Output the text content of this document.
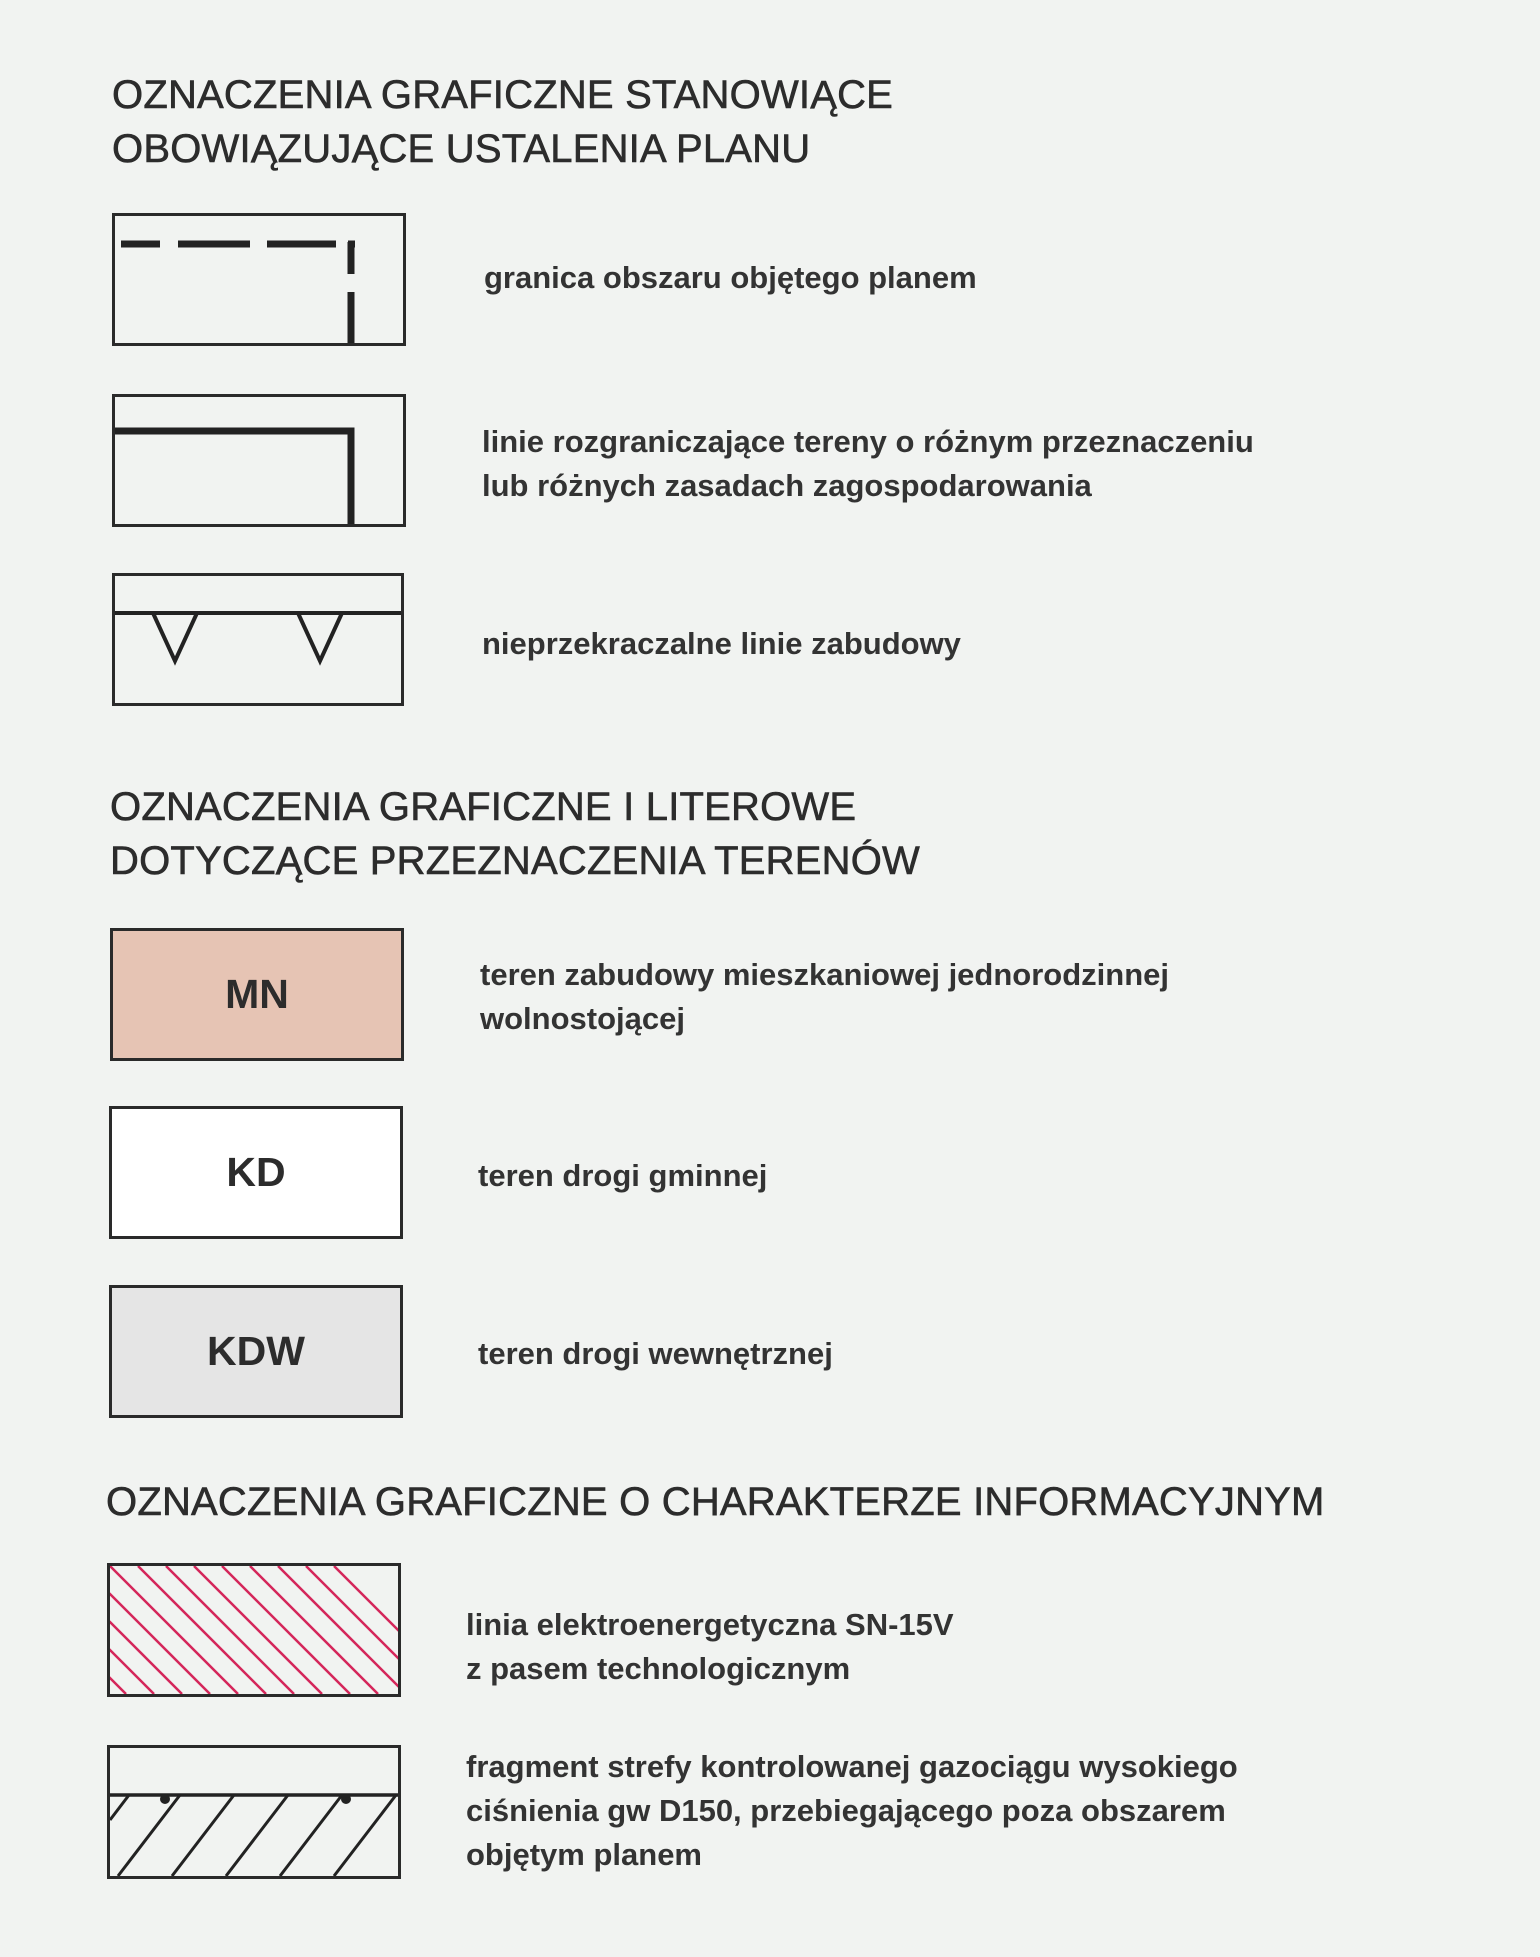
OZNACZENIA GRAFICZNE STANOWIĄCE
OBOWIĄZUJĄCE USTALENIA PLANU
granica obszaru objętego planem
linie rozgraniczające tereny o różnym przeznaczeniu
lub różnych zasadach zagospodarowania
nieprzekraczalne linie zabudowy
OZNACZENIA GRAFICZNE I LITEROWE
DOTYCZĄCE PRZEZNACZENIA TERENÓW
MN	teren zabudowy mieszkaniowej jednorodzinnej
wolnostojącej
KD	teren drogi gminnej
KDW	teren drogi wewnętrznej
OZNACZENIA GRAFICZNE O CHARAKTERZE INFORMACYJNYM
linia elektroenergetyczna SN-15V
z pasem technologicznym
fragment strefy kontrolowanej gazociągu wysokiego
ciśnienia gw D150, przebiegającego poza obszarem
objętym planem
